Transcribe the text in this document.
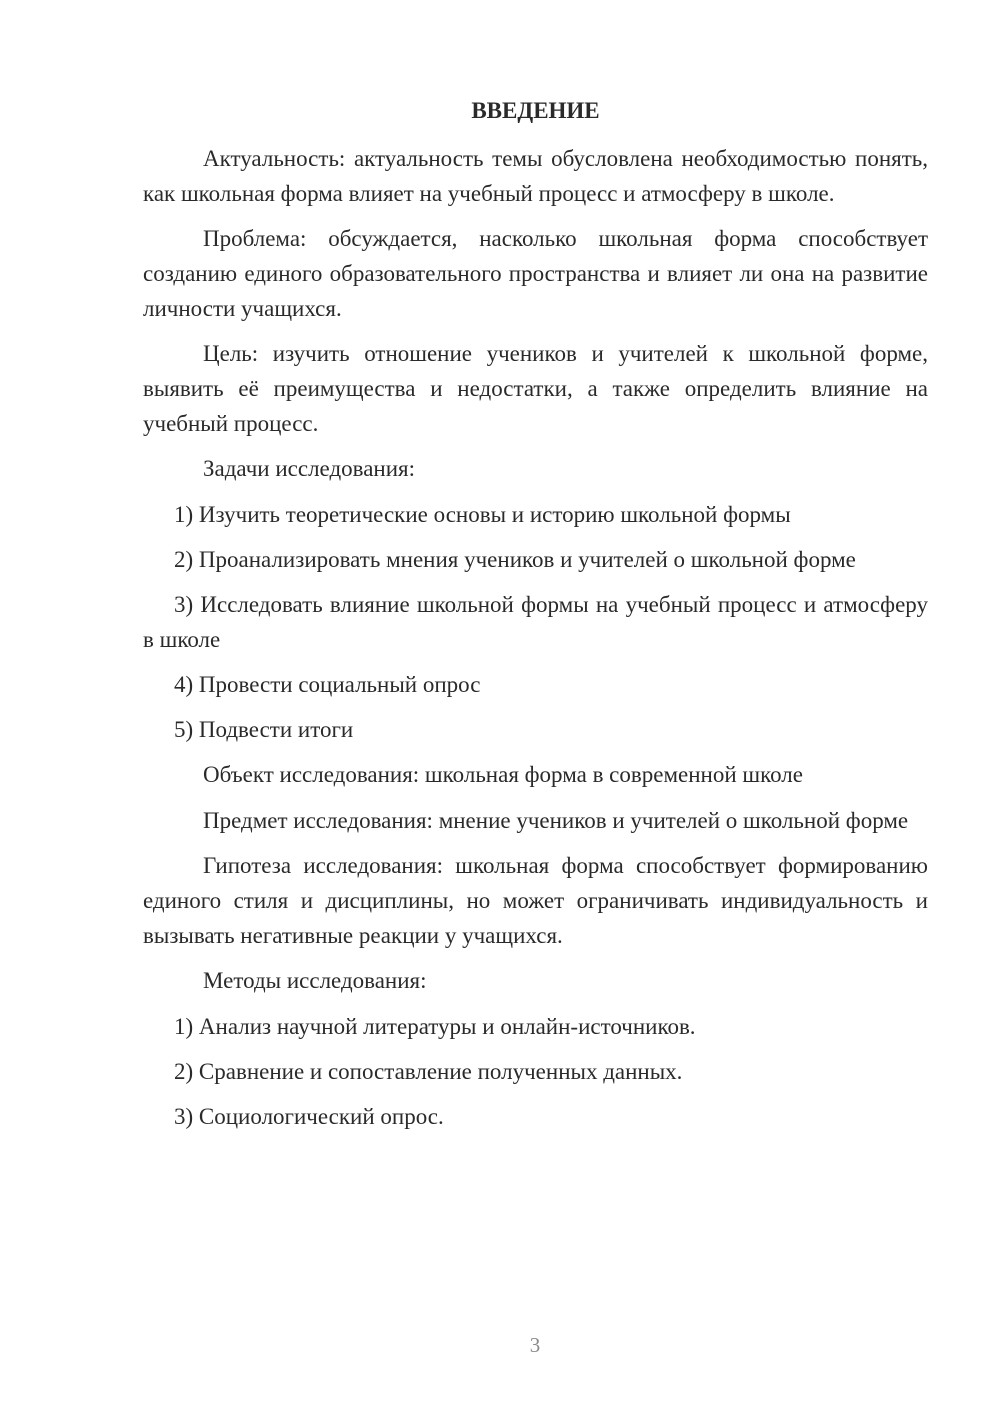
ВВЕДЕНИЕ

Актуальность: актуальность темы обусловлена необходимостью понять, как школьная форма влияет на учебный процесс и атмосферу в школе.

Проблема: обсуждается, насколько школьная форма способствует созданию единого образовательного пространства и влияет ли она на развитие личности учащихся.

Цель: изучить отношение учеников и учителей к школьной форме, выявить её преимущества и недостатки, а также определить влияние на учебный процесс.

Задачи исследования:

1) Изучить теоретические основы и историю школьной формы

2) Проанализировать мнения учеников и учителей о школьной форме

3) Исследовать влияние школьной формы на учебный процесс и атмосферу в школе

4) Провести социальный опрос

5) Подвести итоги

Объект исследования: школьная форма в современной школе

Предмет исследования: мнение учеников и учителей о школьной форме

Гипотеза исследования: школьная форма способствует формированию единого стиля и дисциплины, но может ограничивать индивидуальность и вызывать негативные реакции у учащихся.

Методы исследования:

1) Анализ научной литературы и онлайн-источников.

2) Сравнение и сопоставление полученных данных.

3) Социологический опрос.

3
